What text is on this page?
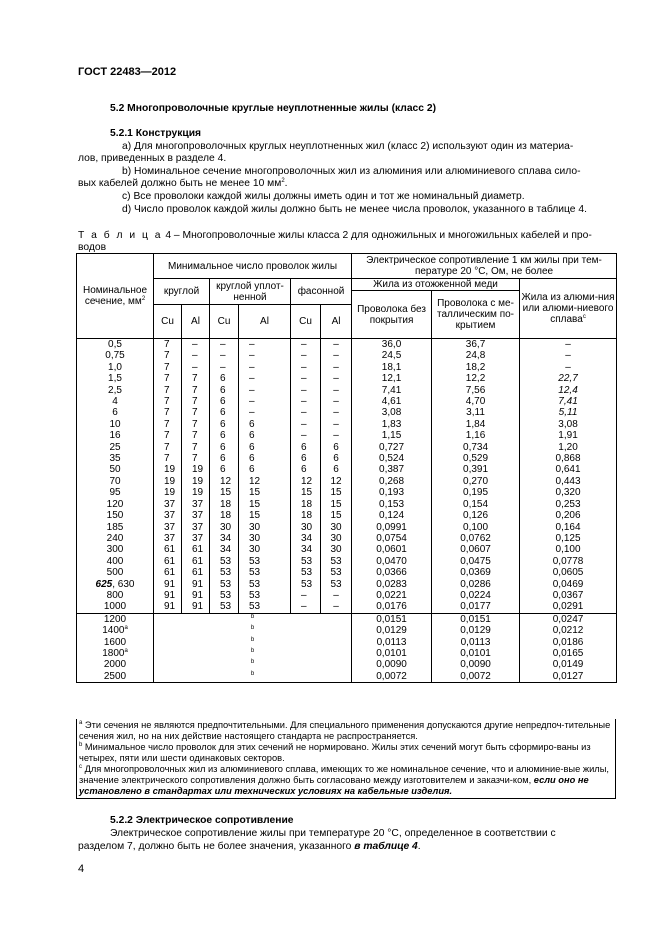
ГОСТ 22483—2012
5.2 Многопроволочные круглые неуплотненные жилы (класс 2)
5.2.1 Конструкция
а) Для многопроволочных круглых неуплотненных жил (класс 2) используют один из материа-
лов, приведенных в разделе 4.
b) Номинальное сечение многопроволочных жил из алюминия или алюминиевого сплава сило-
вых кабелей должно быть не менее 10 $мм^2$.
с) Все проволоки каждой жилы должны иметь один и тот же номинальный диаметр.
d) Число проволок каждой жилы должно быть не менее числа проволок, указанного в таблице 4.
Т а б л и ц а 4 – Многопроволочные жилы класса 2 для одножильных и многожильных кабелей и про-
водов
Номинальное сечение, $мм^2$	Минимальное число проволок жилы						Электрическое сопротивление 1 км жилы при тем-пературе 20 °С, Ом, не более		
	круглой		круглой уплот-ненной		фасонной		Жила из отожженной меди		Жила из алюми-ния или алюми-ниевого сплава$^c$
							Проволока без покрытия	Проволока с ме-таллическим по-крытием	
	Cu	Al	Cu	Al	Cu	Al			
0,5	7	–	–	–	–	–	36,0	36,7	–
0,75	7	–	–	–	–	–	24,5	24,8	–
1,0	7	–	–	–	–	–	18,1	18,2	–
1,5	7	7	6	–	–	–	12,1	12,2	22,7
2,5	7	7	6	–	–	–	7,41	7,56	12,4
4	7	7	6	–	–	–	4,61	4,70	7,41
6	7	7	6	–	–	–	3,08	3,11	5,11
10	7	7	6	6	–	–	1,83	1,84	3,08
16	7	7	6	6	–	–	1,15	1,16	1,91
25	7	7	6	6	6	6	0,727	0,734	1,20
35	7	7	6	6	6	6	0,524	0,529	0,868
50	19	19	6	6	6	6	0,387	0,391	0,641
70	19	19	12	12	12	12	0,268	0,270	0,443
95	19	19	15	15	15	15	0,193	0,195	0,320
120	37	37	18	15	18	15	0,153	0,154	0,253
150	37	37	18	15	18	15	0,124	0,126	0,206
185	37	37	30	30	30	30	0,0991	0,100	0,164
240	37	37	34	30	34	30	0,0754	0,0762	0,125
300	61	61	34	30	34	30	0,0601	0,0607	0,100
400	61	61	53	53	53	53	0,0470	0,0475	0,0778
500	61	61	53	53	53	53	0,0366	0,0369	0,0605
625, 630	91	91	53	53	53	53	0,0283	0,0286	0,0469
800	91	91	53	53	–	–	0,0221	0,0224	0,0367
1000	91	91	53	53	–	–	0,0176	0,0177	0,0291
1200	$^b$						0,0151	0,0151	0,0247
1400$^a$	$^b$						0,0129	0,0129	0,0212
1600	$^b$						0,0113	0,0113	0,0186
1800$^a$	$^b$						0,0101	0,0101	0,0165
2000	$^b$						0,0090	0,0090	0,0149
2500	$^b$						0,0072	0,0072	0,0127
$^a$ Эти сечения не являются предпочтительными. Для специального применения допускаются другие непредпоч-тительные сечения жил, но на них действие настоящего стандарта не распространяется.
$^b$ Минимальное число проволок для этих сечений не нормировано. Жилы этих сечений могут быть сформиро-ваны из четырех, пяти или шести одинаковых секторов.
$^c$ Для многопроволочных жил из алюминиевого сплава, имеющих то же номинальное сечение, что и алюминие-вые жилы, значение электрического сопротивления должно быть согласовано между изготовителем и заказчи-ком, если оно не установлено в стандартах или технических условиях на кабельные изделия.
5.2.2 Электрическое сопротивление
Электрическое сопротивление жилы при температуре 20 °С, определенное в соответствии с
разделом 7, должно быть не более значения, указанного в таблице 4.
4
